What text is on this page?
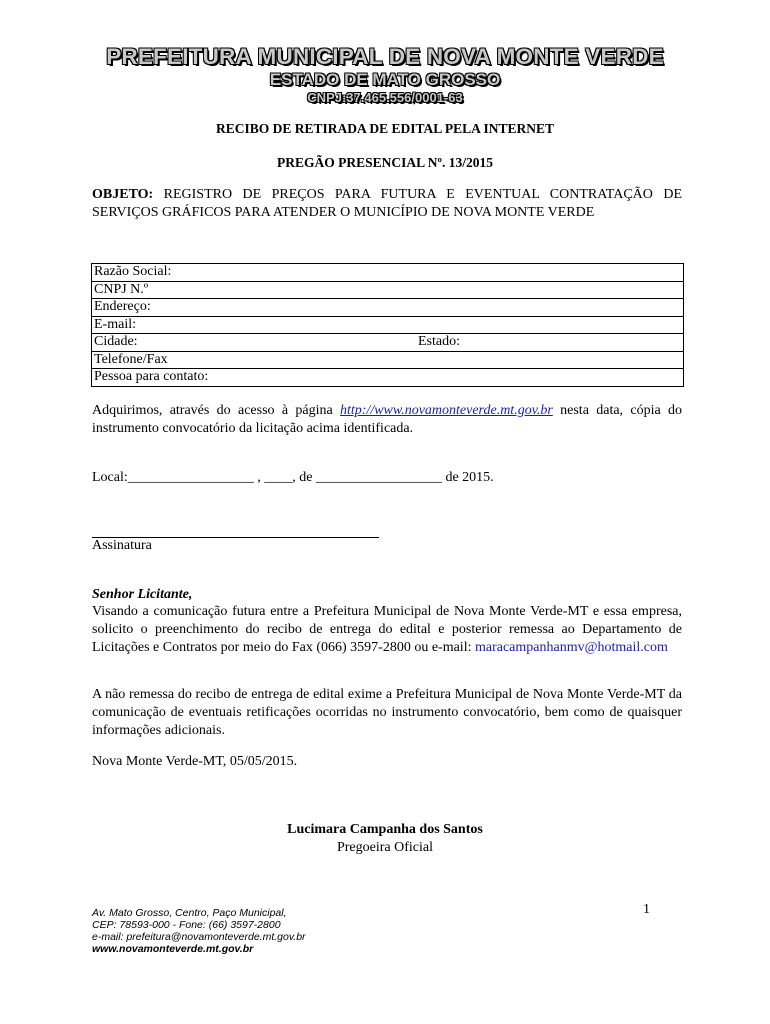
PREFEITURA MUNICIPAL DE NOVA MONTE VERDE
ESTADO DE MATO GROSSO
CNPJ:37.465.556/0001-63
RECIBO DE RETIRADA DE EDITAL PELA INTERNET
PREGÃO PRESENCIAL Nº. 13/2015
OBJETO: REGISTRO DE PREÇOS PARA FUTURA E EVENTUAL CONTRATAÇÃO DE SERVIÇOS GRÁFICOS PARA ATENDER O MUNICÍPIO DE NOVA MONTE VERDE
Razão Social:
CNPJ N.º
Endereço:
E-mail:
Cidade:	Estado:

Telefone/Fax
Pessoa para contato:
Adquirimos, através do acesso à página http://www.novamonteverde.mt.gov.br nesta data, cópia do instrumento convocatório da licitação acima identificada.
Local:__________________ , ____, de __________________ de 2015.
Assinatura
Senhor Licitante,
Visando a comunicação futura entre a Prefeitura Municipal de Nova Monte Verde-MT e essa empresa, solicito o preenchimento do recibo de entrega do edital e posterior remessa ao Departamento de Licitações e Contratos por meio do Fax (066) 3597-2800 ou e-mail: maracampanhanmv@hotmail.com
A não remessa do recibo de entrega de edital exime a Prefeitura Municipal de Nova Monte Verde-MT da comunicação de eventuais retificações ocorridas no instrumento convocatório, bem como de quaisquer informações adicionais.
Nova Monte Verde-MT, 05/05/2015.
Lucimara Campanha dos Santos
Pregoeira Oficial
Av. Mato Grosso, Centro, Paço Municipal,
CEP: 78593-000 - Fone: (66) 3597-2800
e-mail: prefeitura@novamonteverde.mt.gov.br
www.novamonteverde.mt.gov.br
1
